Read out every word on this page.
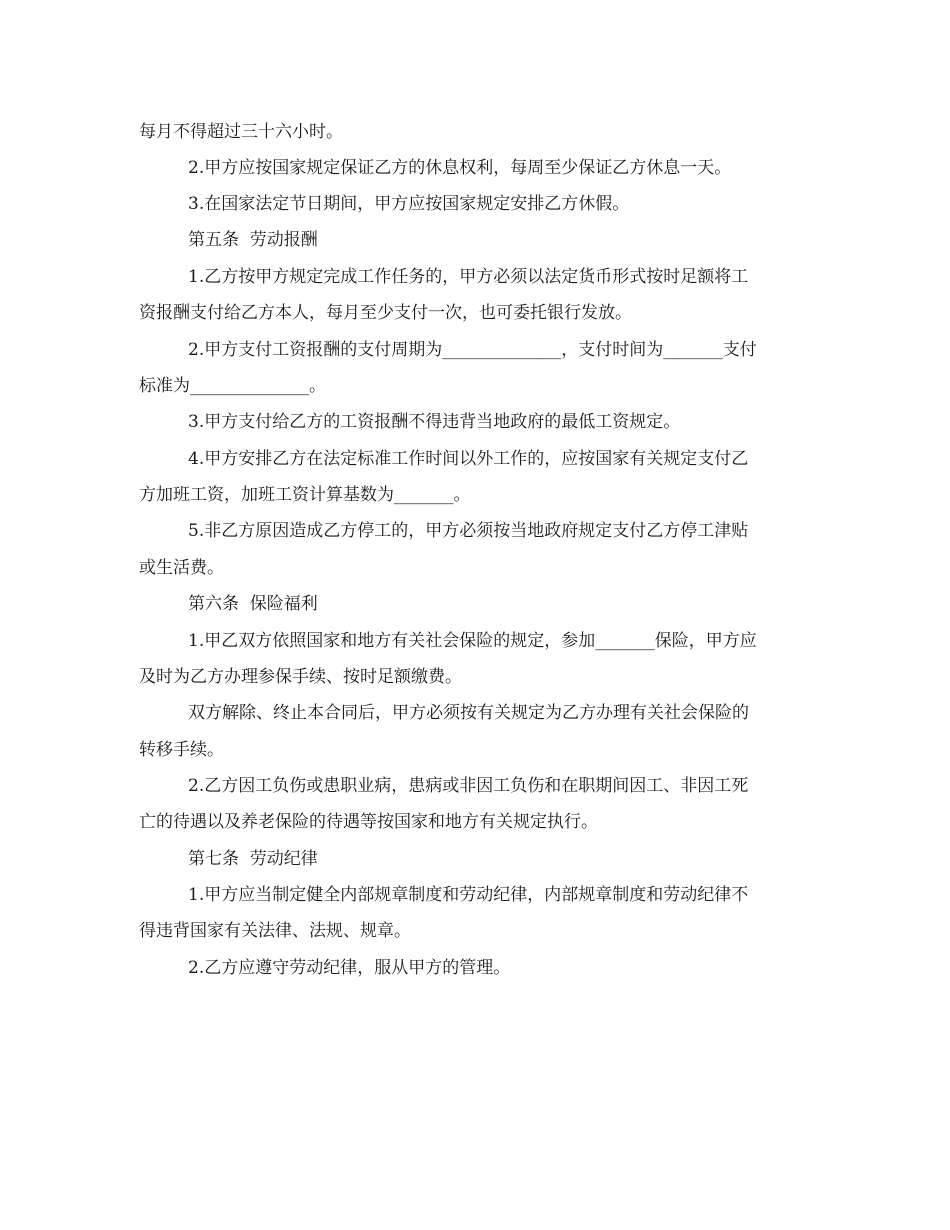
每月不得超过三十六小时。
2.甲方应按国家规定保证乙方的休息权利，每周至少保证乙方休息一天。
3.在国家法定节日期间，甲方应按国家规定安排乙方休假。
第五条  劳动报酬
1.乙方按甲方规定完成工作任务的，甲方必须以法定货币形式按时足额将工
资报酬支付给乙方本人，每月至少支付一次，也可委托银行发放。
2.甲方支付工资报酬的支付周期为______________，支付时间为_______支付
标准为______________。
3.甲方支付给乙方的工资报酬不得违背当地政府的最低工资规定。
4.甲方安排乙方在法定标准工作时间以外工作的，应按国家有关规定支付乙
方加班工资，加班工资计算基数为_______。
5.非乙方原因造成乙方停工的，甲方必须按当地政府规定支付乙方停工津贴
或生活费。
第六条  保险福利
1.甲乙双方依照国家和地方有关社会保险的规定，参加_______保险，甲方应
及时为乙方办理参保手续、按时足额缴费。
双方解除、终止本合同后，甲方必须按有关规定为乙方办理有关社会保险的
转移手续。
2.乙方因工负伤或患职业病，患病或非因工负伤和在职期间因工、非因工死
亡的待遇以及养老保险的待遇等按国家和地方有关规定执行。
第七条  劳动纪律
1.甲方应当制定健全内部规章制度和劳动纪律，内部规章制度和劳动纪律不
得违背国家有关法律、法规、规章。
2.乙方应遵守劳动纪律，服从甲方的管理。
